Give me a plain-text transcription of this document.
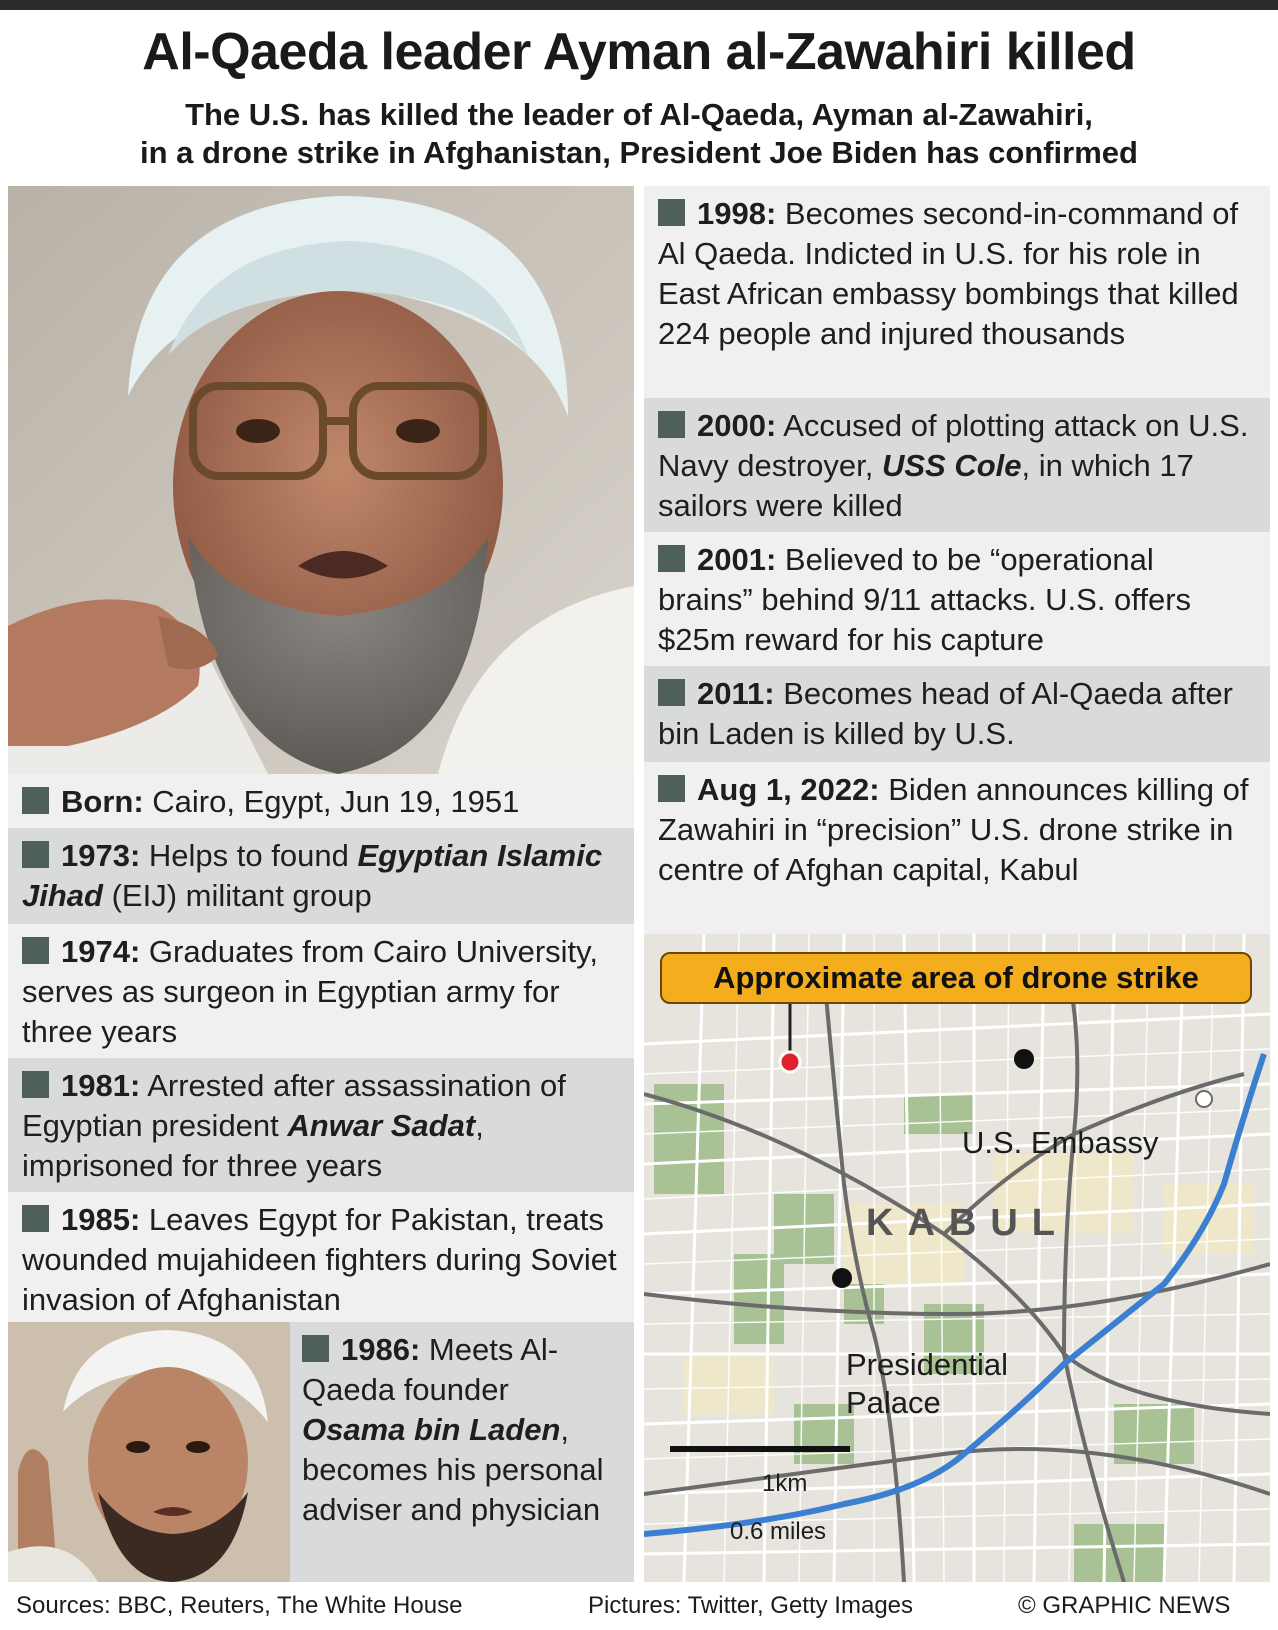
Al-Qaeda leader Ayman al-Zawahiri killed
The U.S. has killed the leader of Al-Qaeda, Ayman al-Zawahiri,
in a drone strike in Afghanistan, President Joe Biden has confirmed
Born: Cairo, Egypt, Jun 19, 1951
1973: Helps to found Egyptian Islamic Jihad (EIJ) militant group
1974: Graduates from Cairo University, serves as surgeon in Egyptian army for three years
1981: Arrested after assassination of Egyptian president Anwar Sadat, imprisoned for three years
1985: Leaves Egypt for Pakistan, treats wounded mujahideen fighters during Soviet invasion of Afghanistan
1986: Meets Al-Qaeda founder Osama bin Laden, becomes his personal adviser and physician
1998: Becomes second-in-command of Al Qaeda. Indicted in U.S. for his role in East African embassy bombings that killed 224 people and injured thousands
2000: Accused of plotting attack on U.S. Navy destroyer, USS Cole, in which 17 sailors were killed
2001: Believed to be “operational brains” behind 9/11 attacks. U.S. offers $25m reward for his capture
2011: Becomes head of Al-Qaeda after bin Laden is killed by U.S.
Aug 1, 2022: Biden announces killing of Zawahiri in “precision” U.S. drone strike in centre of Afghan capital, Kabul
Approximate area of drone strike
U.S. Embassy
KABUL
Presidential
Palace
1km
0.6 miles
Sources: BBC, Reuters, The White House	Pictures: Twitter, Getty Images	© GRAPHIC NEWS
